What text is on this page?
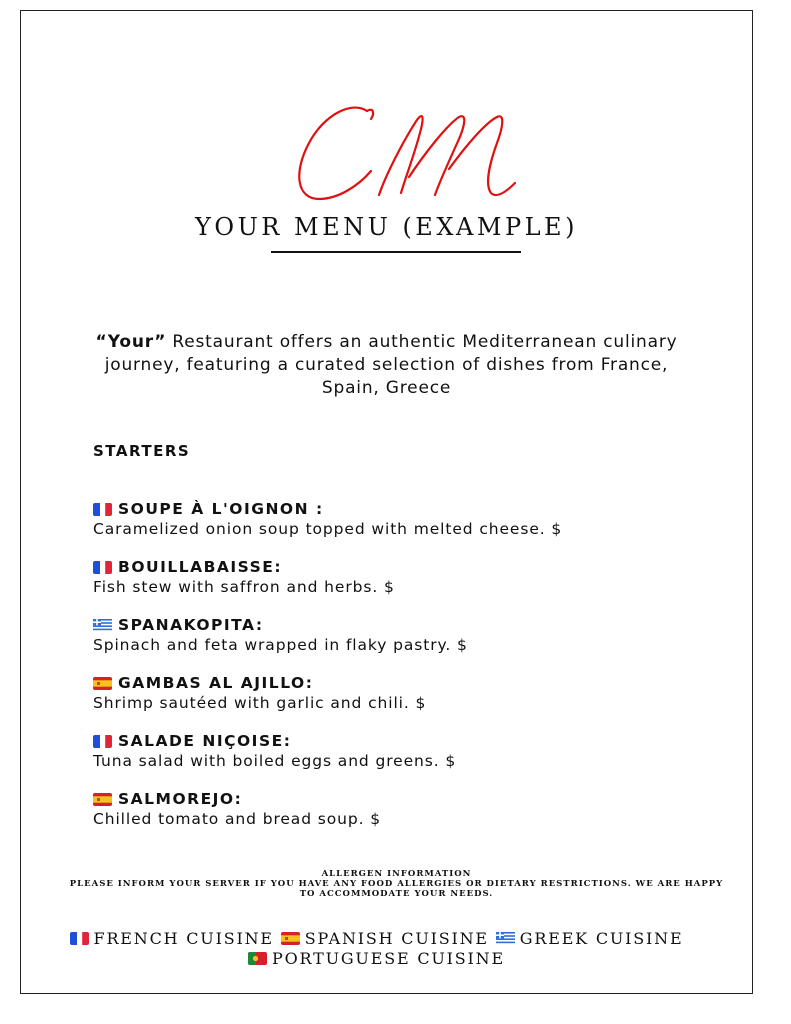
YOUR MENU (EXAMPLE)
“Your” Restaurant offers an authentic Mediterranean culinary journey, featuring a curated selection of dishes from France, Spain, Greece
STARTERS
SOUPE À L'OIGNON :
Caramelized onion soup topped with melted cheese. $
BOUILLABAISSE:
Fish stew with saffron and herbs. $
SPANAKOPITA:
Spinach and feta wrapped in flaky pastry. $
GAMBAS AL AJILLO:
Shrimp sautéed with garlic and chili. $
SALADE NIÇOISE:
Tuna salad with boiled eggs and greens. $
SALMOREJO:
Chilled tomato and bread soup. $
ALLERGEN INFORMATION
PLEASE INFORM YOUR SERVER IF YOU HAVE ANY FOOD ALLERGIES OR DIETARY RESTRICTIONS. WE ARE HAPPY TO ACCOMMODATE YOUR NEEDS.
FRENCH CUISINE SPANISH CUISINE GREEK CUISINE

PORTUGUESE CUISINE
